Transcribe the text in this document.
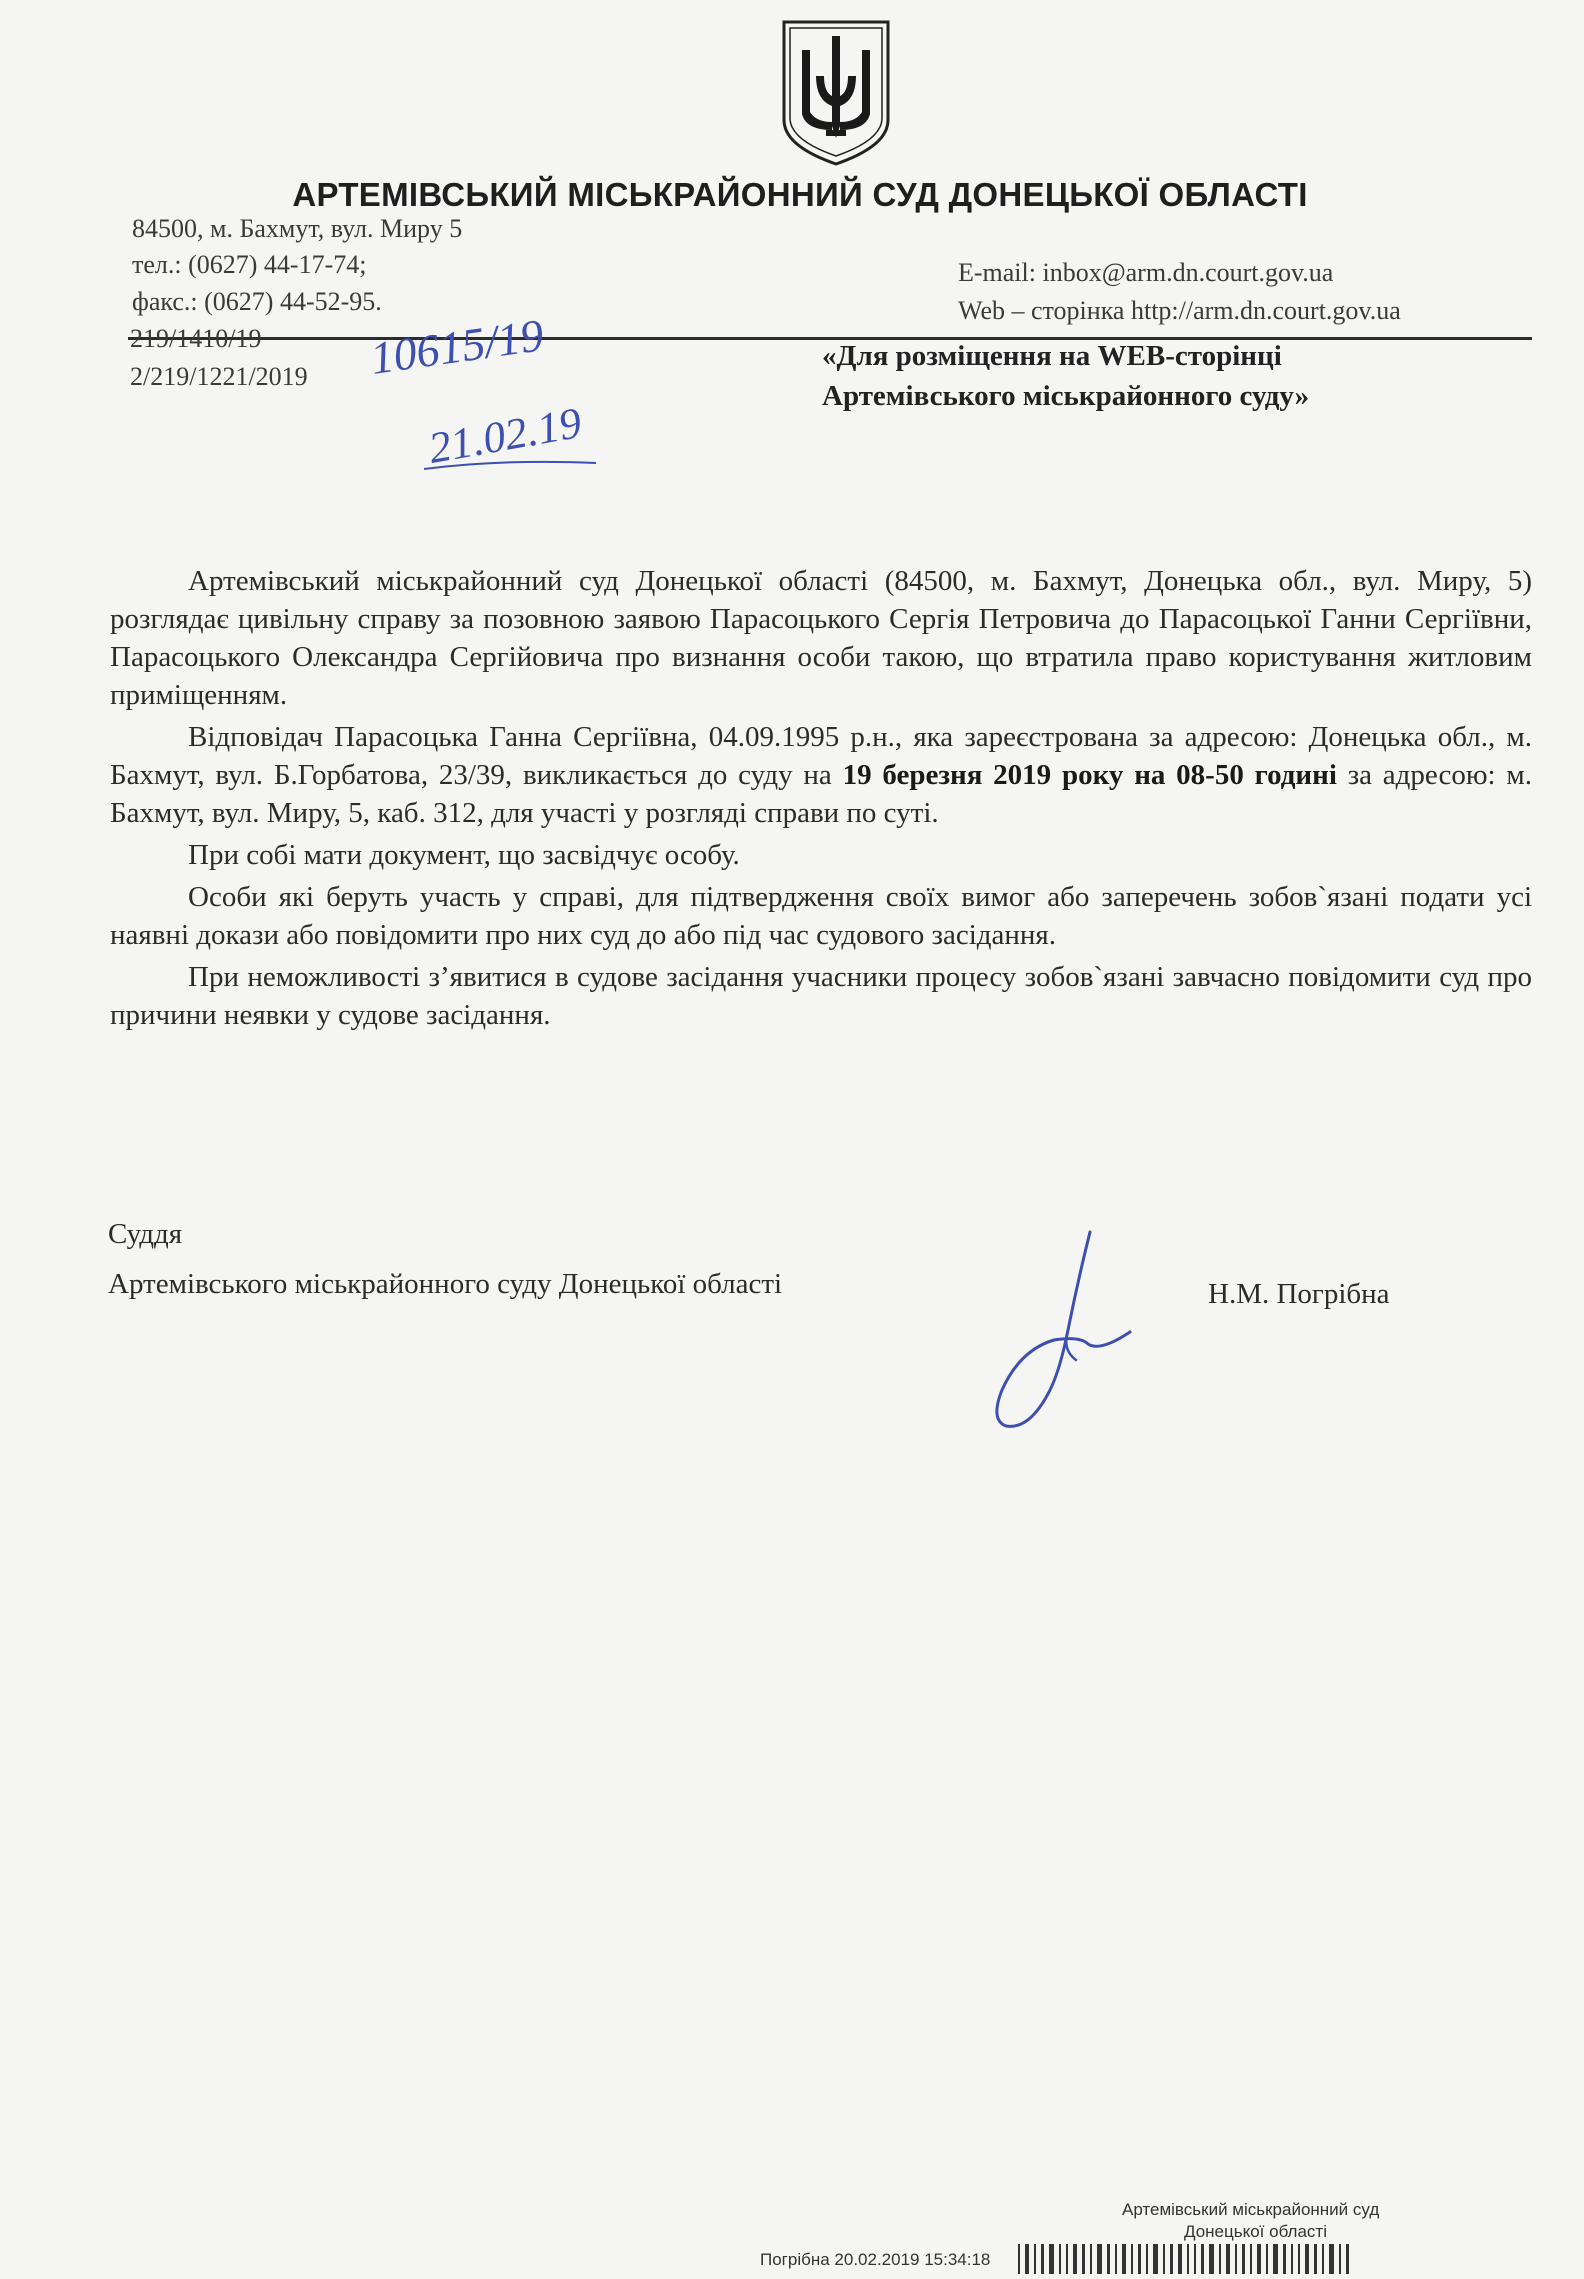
АРТЕМІВСЬКИЙ МІСЬКРАЙОННИЙ СУД ДОНЕЦЬКОЇ ОБЛАСТІ
84500, м. Бахмут, вул. Миру 5
тел.: (0627) 44-17-74;
факс.: (0627) 44-52-95.
E-mail: inbox@arm.dn.court.gov.ua
Web – сторінка http://arm.dn.court.gov.ua
219/1410/19
2/219/1221/2019 10615/19
21.02.19
«Для розміщення на WEB-сторінці
Артемівського міськрайонного суду»

Артемівський міськрайонний суд Донецької області (84500, м. Бахмут, Донецька обл., вул. Миру, 5) розглядає цивільну справу за позовною заявою Парасоцького Сергія Петровича до Парасоцької Ганни Сергіївни, Парасоцького Олександра Сергійовича про визнання особи такою, що втратила право користування житловим приміщенням.

Відповідач Парасоцька Ганна Сергіївна, 04.09.1995 р.н., яка зареєстрована за адресою: Донецька обл., м. Бахмут, вул. Б.Горбатова, 23/39, викликається до суду на 19 березня 2019 року на 08-50 годині за адресою: м. Бахмут, вул. Миру, 5, каб. 312, для участі у розгляді справи по суті.

При собі мати документ, що засвідчує особу.

Особи які беруть участь у справі, для підтвердження своїх вимог або заперечень зобов`язані подати усі наявні докази або повідомити про них суд до або під час судового засідання.

При неможливості з’явитися в судове засідання учасники процесу зобов`язані завчасно повідомити суд про причини неявки у судове засідання.

Суддя
Артемівського міськрайонного суду Донецької області	Н.М. Погрібна
Артемівський міськрайонний суд
Донецької області
Погрібна 20.02.2019 15:34:18
